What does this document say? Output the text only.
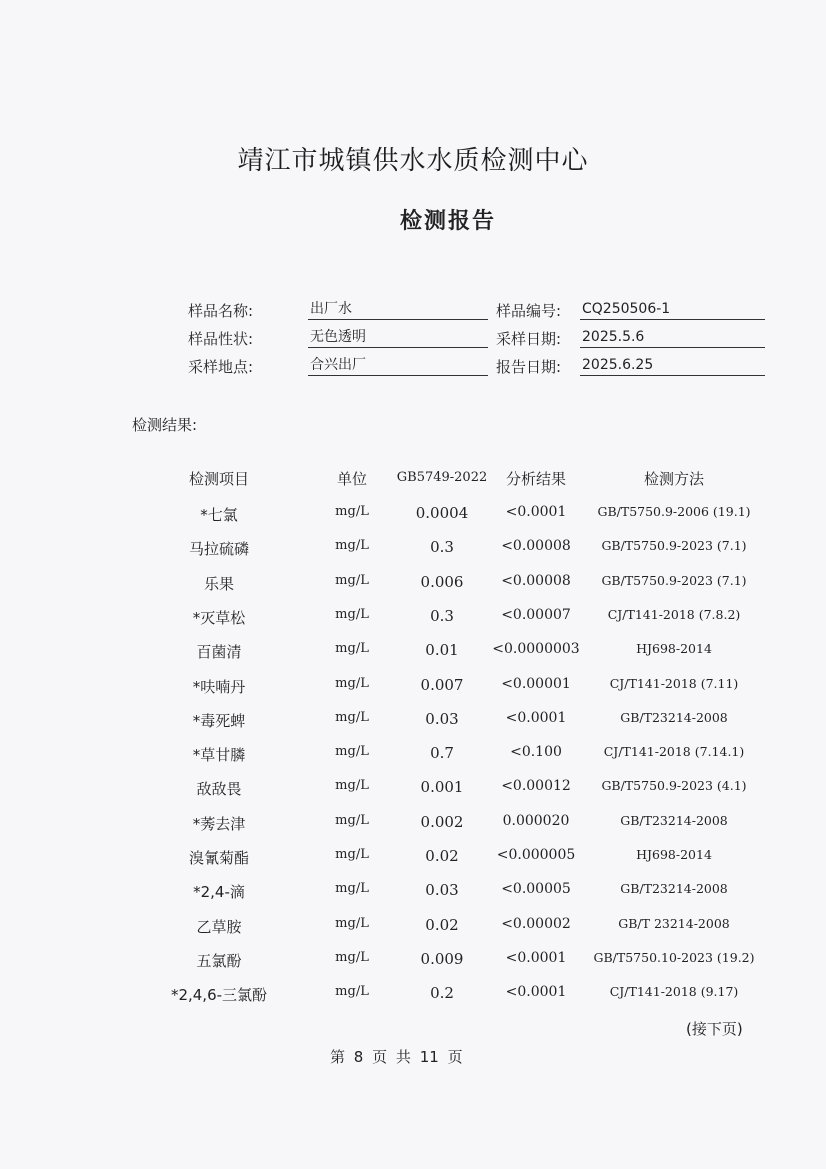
靖江市城镇供水水质检测中心
检测报告
样品名称:	出厂水	样品编号: CQ250506-1
样品性状:	无色透明	采样日期: 2025.5.6
采样地点:	合兴出厂	报告日期: 2025.6.25
检测结果:
检测项目	单位 GB5749-2022 分析结果	检测方法
*七氯	mg/L	0.0004	<0.0001 GB/T5750.9-2006 (19.1)
马拉硫磷	mg/L	0.3	<0.00008 GB/T5750.9-2023 (7.1)
乐果	mg/L	0.006	<0.00008 GB/T5750.9-2023 (7.1)
*灭草松	mg/L	0.3	<0.00007	CJ/T141-2018 (7.8.2)
百菌清	mg/L	0.01 <0.0000003	HJ698-2014
*呋喃丹	mg/L	0.007	<0.00001	CJ/T141-2018 (7.11)
*毒死蜱	mg/L	0.03	<0.0001	GB/T23214-2008
*草甘膦	mg/L	0.7	<0.100	CJ/T141-2018 (7.14.1)
敌敌畏	mg/L	0.001	<0.00012 GB/T5750.9-2023 (4.1)
*莠去津	mg/L	0.002	0.000020	GB/T23214-2008
溴氰菊酯	mg/L	0.02	<0.000005	HJ698-2014
*2,4-滴	mg/L	0.03	<0.00005	GB/T23214-2008
乙草胺	mg/L	0.02	<0.00002	GB/T 23214-2008
五氯酚	mg/L	0.009	<0.0001 GB/T5750.10-2023 (19.2)
*2,4,6-三氯酚	mg/L	0.2	<0.0001	CJ/T141-2018 (9.17)
(接下页)
第 8 页 共 11 页
